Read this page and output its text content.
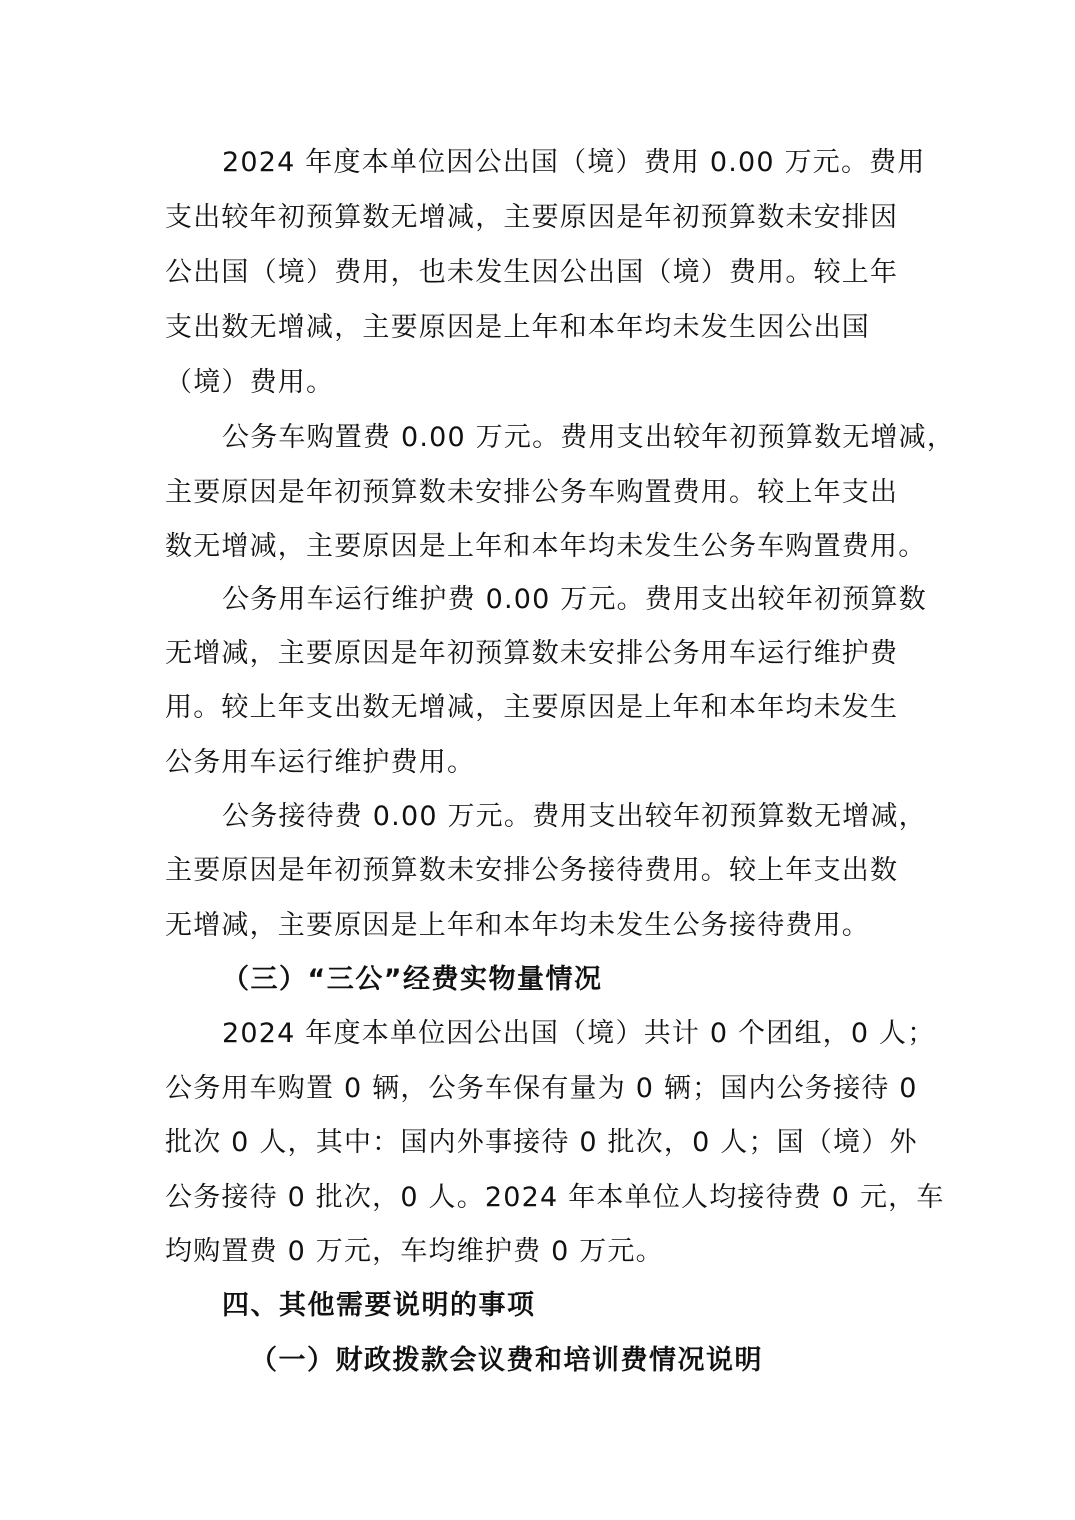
2024 年度本单位因公出国（境）费用 0.00 万元。费用
支出较年初预算数无增减，主要原因是年初预算数未安排因
公出国（境）费用，也未发生因公出国（境）费用。较上年
支出数无增减，主要原因是上年和本年均未发生因公出国
（境）费用。
公务车购置费 0.00 万元。费用支出较年初预算数无增减，
主要原因是年初预算数未安排公务车购置费用。较上年支出
数无增减，主要原因是上年和本年均未发生公务车购置费用。
公务用车运行维护费 0.00 万元。费用支出较年初预算数
无增减，主要原因是年初预算数未安排公务用车运行维护费
用。较上年支出数无增减，主要原因是上年和本年均未发生
公务用车运行维护费用。
公务接待费 0.00 万元。费用支出较年初预算数无增减，
主要原因是年初预算数未安排公务接待费用。较上年支出数
无增减，主要原因是上年和本年均未发生公务接待费用。
（三）“三公”经费实物量情况
2024 年度本单位因公出国（境）共计 0 个团组，0 人；
公务用车购置 0 辆，公务车保有量为 0 辆；国内公务接待 0
批次 0 人，其中：国内外事接待 0 批次，0 人；国（境）外
公务接待 0 批次，0 人。2024 年本单位人均接待费 0 元，车
均购置费 0 万元，车均维护费 0 万元。
四、其他需要说明的事项
（一）财政拨款会议费和培训费情况说明
